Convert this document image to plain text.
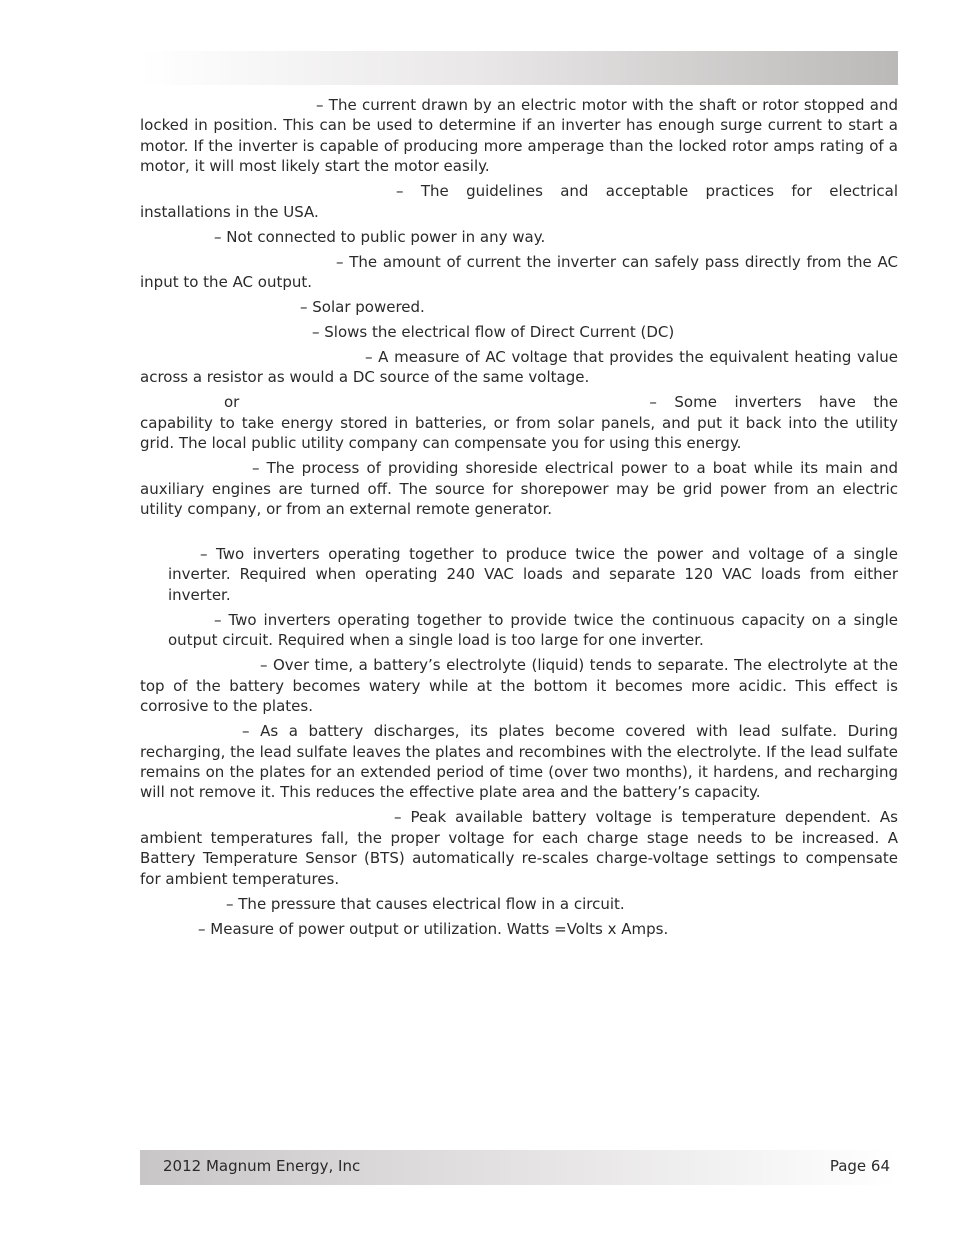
– The current drawn by an electric motor with the shaft or rotor stopped and locked in position. This can be used to determine if an inverter has enough surge current to start a motor. If the inverter is capable of producing more amperage than the locked rotor amps rating of a motor, it will most likely start the motor easily.

– The guidelines and acceptable practices for electrical installations in the USA.

– Not connected to public power in any way.

– The amount of current the inverter can safely pass directly from the AC input to the AC output.

– Solar powered.

– Slows the electrical flow of Direct Current (DC)

– A measure of AC voltage that provides the equivalent heating value across a resistor as would a DC source of the same voltage.

or	– Some inverters have the capability to take energy stored in batteries, or from solar panels, and put it back into the utility grid. The local public utility company can compensate you for using this energy.

– The process of providing shoreside electrical power to a boat while its main and auxiliary engines are turned off. The source for shorepower may be grid power from an electric utility company, or from an external remote generator.

– Two inverters operating together to produce twice the power and voltage of a single inverter. Required when operating 240 VAC loads and separate 120 VAC loads from either inverter.

– Two inverters operating together to provide twice the continuous capacity on a single output circuit. Required when a single load is too large for one inverter.

– Over time, a battery’s electrolyte (liquid) tends to separate. The electrolyte at the top of the battery becomes watery while at the bottom it becomes more acidic. This effect is corrosive to the plates.

– As a battery discharges, its plates become covered with lead sulfate. During recharging, the lead sulfate leaves the plates and recombines with the electrolyte. If the lead sulfate remains on the plates for an extended period of time (over two months), it hardens, and recharging will not remove it. This reduces the effective plate area and the battery’s capacity.

– Peak available battery voltage is temperature dependent. As ambient temperatures fall, the proper voltage for each charge stage needs to be increased. A Battery Temperature Sensor (BTS) automatically re-scales charge-voltage settings to compensate for ambient temperatures.

– The pressure that causes electrical flow in a circuit.

– Measure of power output or utilization. Watts =Volts x Amps.

2012 Magnum Energy, Inc	Page 64
